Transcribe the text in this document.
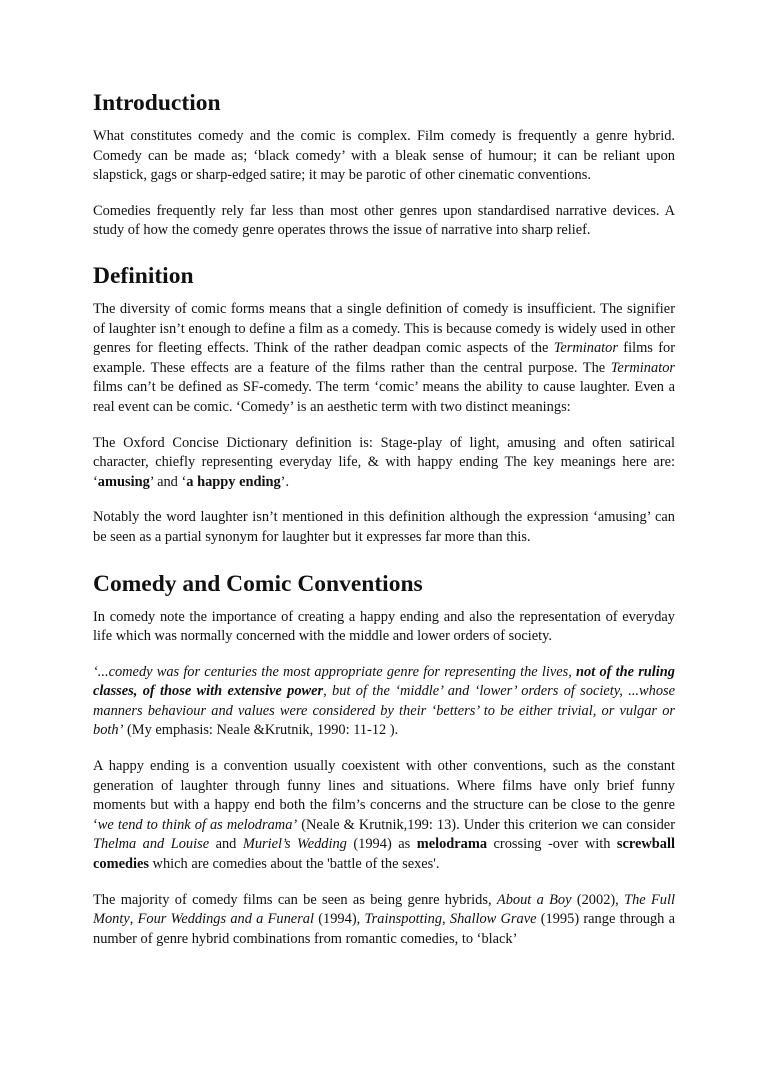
Introduction

What constitutes comedy and the comic is complex. Film comedy is frequently a genre hybrid. Comedy can be made as; ‘black comedy’ with a bleak sense of humour; it can be reliant upon slapstick, gags or sharp-edged satire; it may be parotic of other cinematic conventions.

Comedies frequently rely far less than most other genres upon standardised narrative devices. A study of how the comedy genre operates throws the issue of narrative into sharp relief.

Definition

The diversity of comic forms means that a single definition of comedy is insufficient. The signifier of laughter isn’t enough to define a film as a comedy. This is because comedy is widely used in other genres for fleeting effects. Think of the rather deadpan comic aspects of the Terminator films for example. These effects are a feature of the films rather than the central purpose. The Terminator films can’t be defined as SF-comedy. The term ‘comic’ means the ability to cause laughter. Even a real event can be comic. ‘Comedy’ is an aesthetic term with two distinct meanings:

The Oxford Concise Dictionary definition is: Stage-play of light, amusing and often satirical character, chiefly representing everyday life, & with happy ending The key meanings here are: ‘amusing’ and ‘a happy ending’.

Notably the word laughter isn’t mentioned in this definition although the expression ‘amusing’ can be seen as a partial synonym for laughter but it expresses far more than this.

Comedy and Comic Conventions

In comedy note the importance of creating a happy ending and also the representation of everyday life which was normally concerned with the middle and lower orders of society.

‘...comedy was for centuries the most appropriate genre for representing the lives, not of the ruling classes, of those with extensive power, but of the ‘middle’ and ‘lower’ orders of society, ...whose manners behaviour and values were considered by their ‘betters’ to be either trivial, or vulgar or both’ (My emphasis: Neale &Krutnik, 1990: 11-12 ).

A happy ending is a convention usually coexistent with other conventions, such as the constant generation of laughter through funny lines and situations. Where films have only brief funny moments but with a happy end both the film’s concerns and the structure can be close to the genre ‘we tend to think of as melodrama’ (Neale & Krutnik,199: 13). Under this criterion we can consider Thelma and Louise and Muriel’s Wedding (1994) as melodrama crossing -over with screwball comedies which are comedies about the 'battle of the sexes'.

The majority of comedy films can be seen as being genre hybrids, About a Boy (2002), The Full Monty, Four Weddings and a Funeral (1994), Trainspotting, Shallow Grave (1995) range through a number of genre hybrid combinations from romantic comedies, to ‘black’
